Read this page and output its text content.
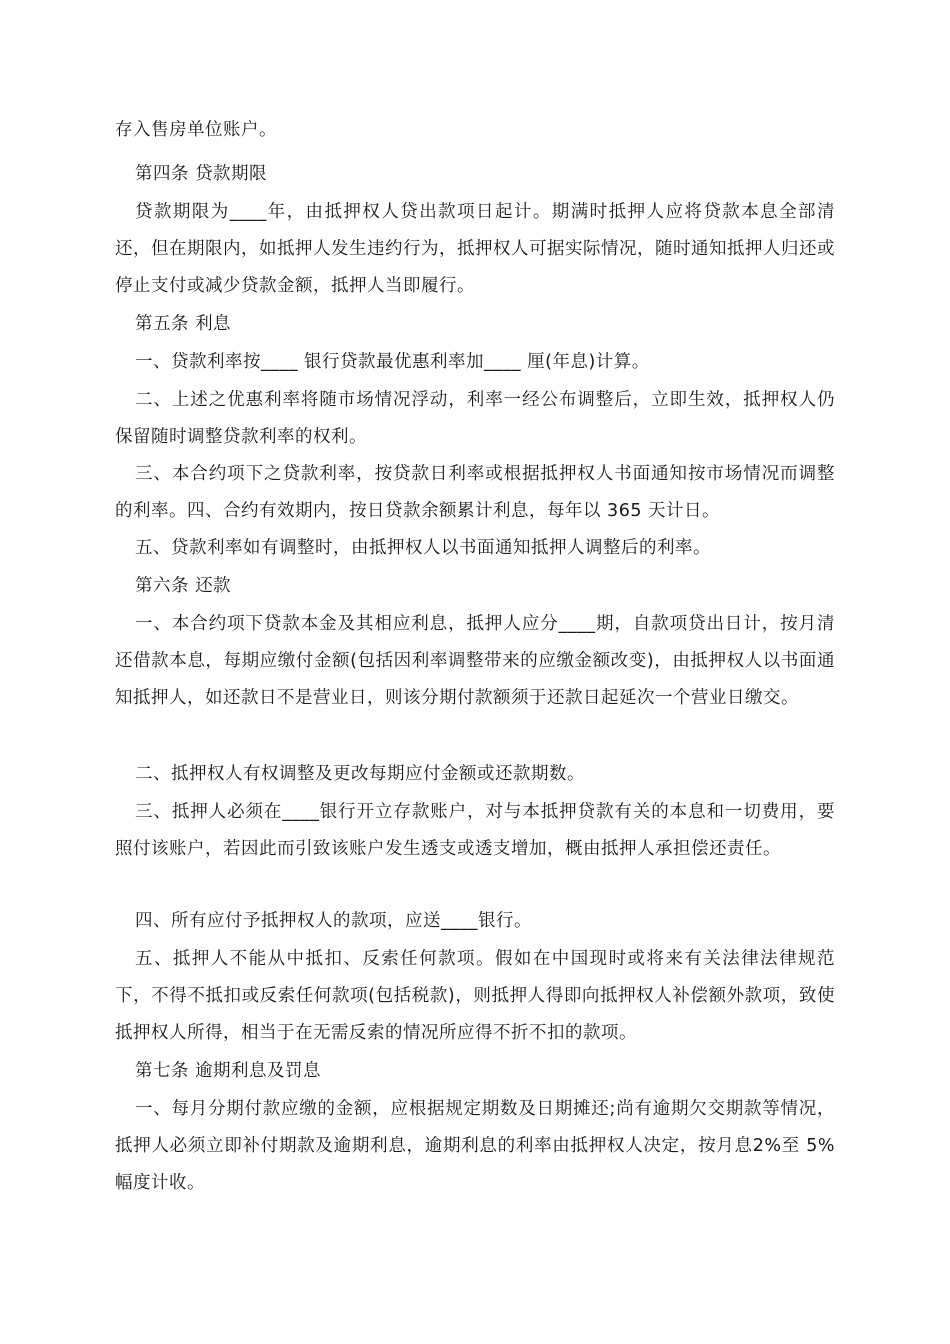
存入售房单位账户。

第四条 贷款期限

贷款期限为____年，由抵押权人贷出款项日起计。期满时抵押人应将贷款本息全部清还，但在期限内，如抵押人发生违约行为，抵押权人可据实际情况，随时通知抵押人归还或停止支付或减少贷款金额，抵押人当即履行。

第五条 利息

一、贷款利率按____ 银行贷款最优惠利率加____ 厘(年息)计算。

二、上述之优惠利率将随市场情况浮动，利率一经公布调整后，立即生效，抵押权人仍保留随时调整贷款利率的权利。

三、本合约项下之贷款利率，按贷款日利率或根据抵押权人书面通知按市场情况而调整的利率。四、合约有效期内，按日贷款余额累计利息，每年以 365 天计日。

五、贷款利率如有调整时，由抵押权人以书面通知抵押人调整后的利率。

第六条 还款

一、本合约项下贷款本金及其相应利息，抵押人应分____期，自款项贷出日计，按月清还借款本息，每期应缴付金额(包括因利率调整带来的应缴金额改变)，由抵押权人以书面通知抵押人，如还款日不是营业日，则该分期付款额须于还款日起延次一个营业日缴交。

二、抵押权人有权调整及更改每期应付金额或还款期数。

三、抵押人必须在____银行开立存款账户，对与本抵押贷款有关的本息和一切费用，要照付该账户，若因此而引致该账户发生透支或透支增加，概由抵押人承担偿还责任。

四、所有应付予抵押权人的款项，应送____银行。

五、抵押人不能从中抵扣、反索任何款项。假如在中国现时或将来有关法律法律规范下，不得不抵扣或反索任何款项(包括税款)，则抵押人得即向抵押权人补偿额外款项，致使抵押权人所得，相当于在无需反索的情况所应得不折不扣的款项。

第七条 逾期利息及罚息

一、每月分期付款应缴的金额，应根据规定期数及日期摊还;尚有逾期欠交期款等情况，抵押人必须立即补付期款及逾期利息，逾期利息的利率由抵押权人决定，按月息2%至 5%幅度计收。
